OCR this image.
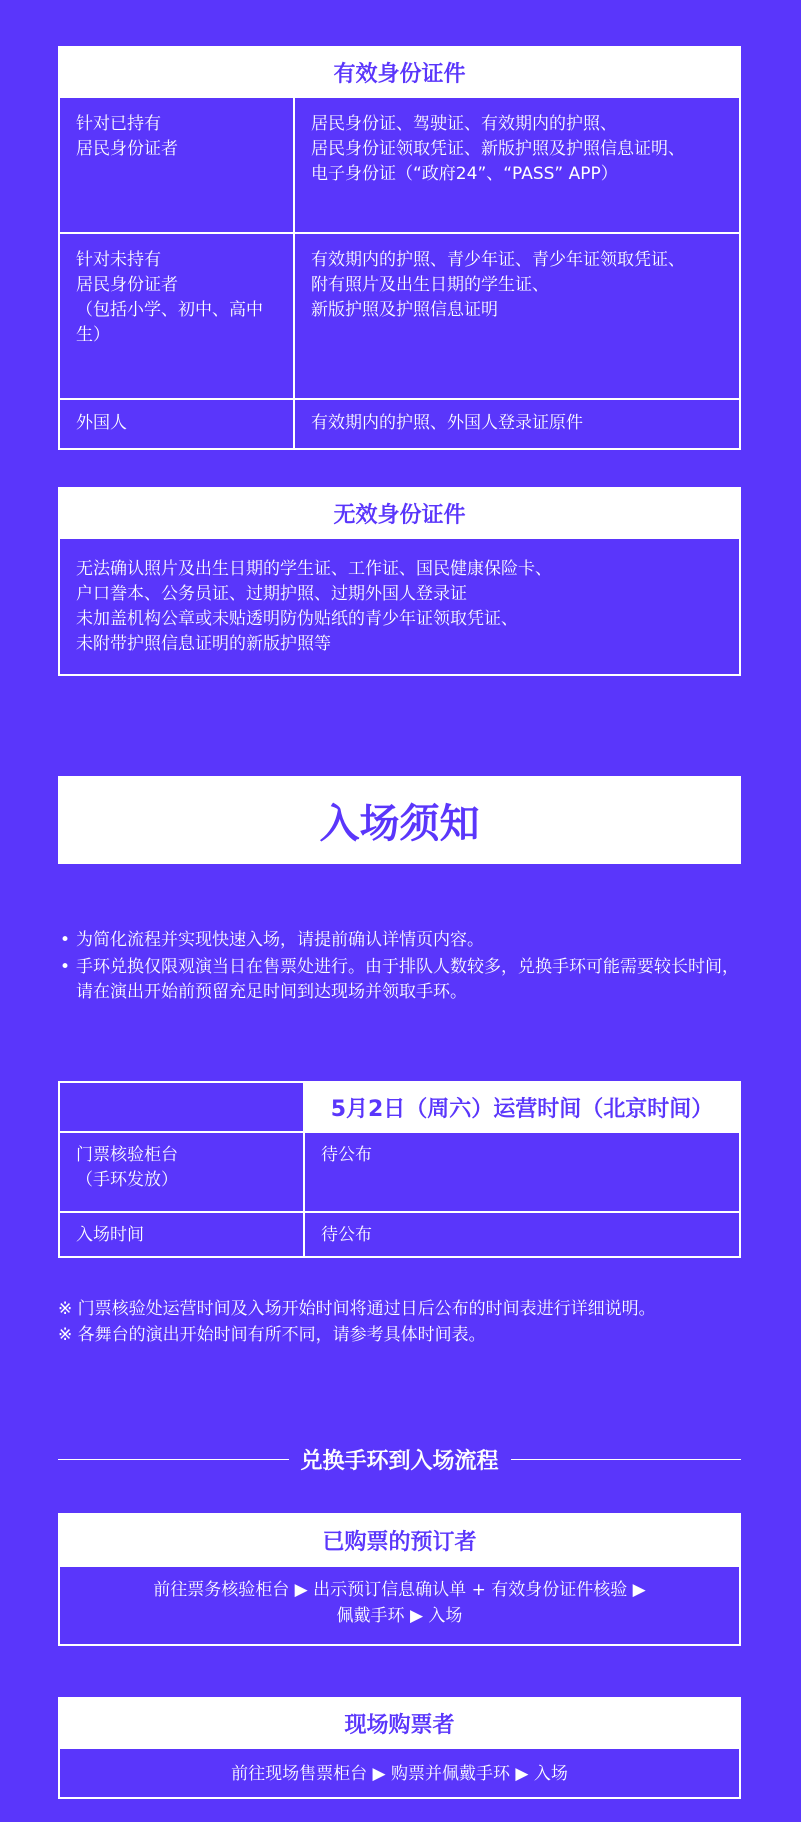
有效身份证件
针对已持有
居民身份证者
居民身份证、驾驶证、有效期内的护照、
居民身份证领取凭证、新版护照及护照信息证明、
电子身份证（“政府24”、“PASS” APP）
针对未持有
居民身份证者
（包括小学、初中、高中生）
有效期内的护照、青少年证、青少年证领取凭证、
附有照片及出生日期的学生证、
新版护照及护照信息证明
外国人	有效期内的护照、外国人登录证原件
无效身份证件
无法确认照片及出生日期的学生证、工作证、国民健康保险卡、
户口誊本、公务员证、过期护照、过期外国人登录证
未加盖机构公章或未贴透明防伪贴纸的青少年证领取凭证、
未附带护照信息证明的新版护照等
入场须知
• 为简化流程并实现快速入场，请提前确认详情页内容。
• 手环兑换仅限观演当日在售票处进行。由于排队人数较多，兑换手环可能需要较长时间，请在演出开始前预留充足时间到达现场并领取手环。
5月2日（周六）运营时间（北京时间）
门票核验柜台
（手环发放）
待公布
入场时间	待公布
※ 门票核验处运营时间及入场开始时间将通过日后公布的时间表进行详细说明。
※ 各舞台的演出开始时间有所不同，请参考具体时间表。
兑换手环到入场流程
已购票的预订者
前往票务核验柜台 ▶ 出示预订信息确认单 + 有效身份证件核验 ▶
佩戴手环 ▶ 入场
现场购票者
前往现场售票柜台 ▶ 购票并佩戴手环 ▶ 入场
